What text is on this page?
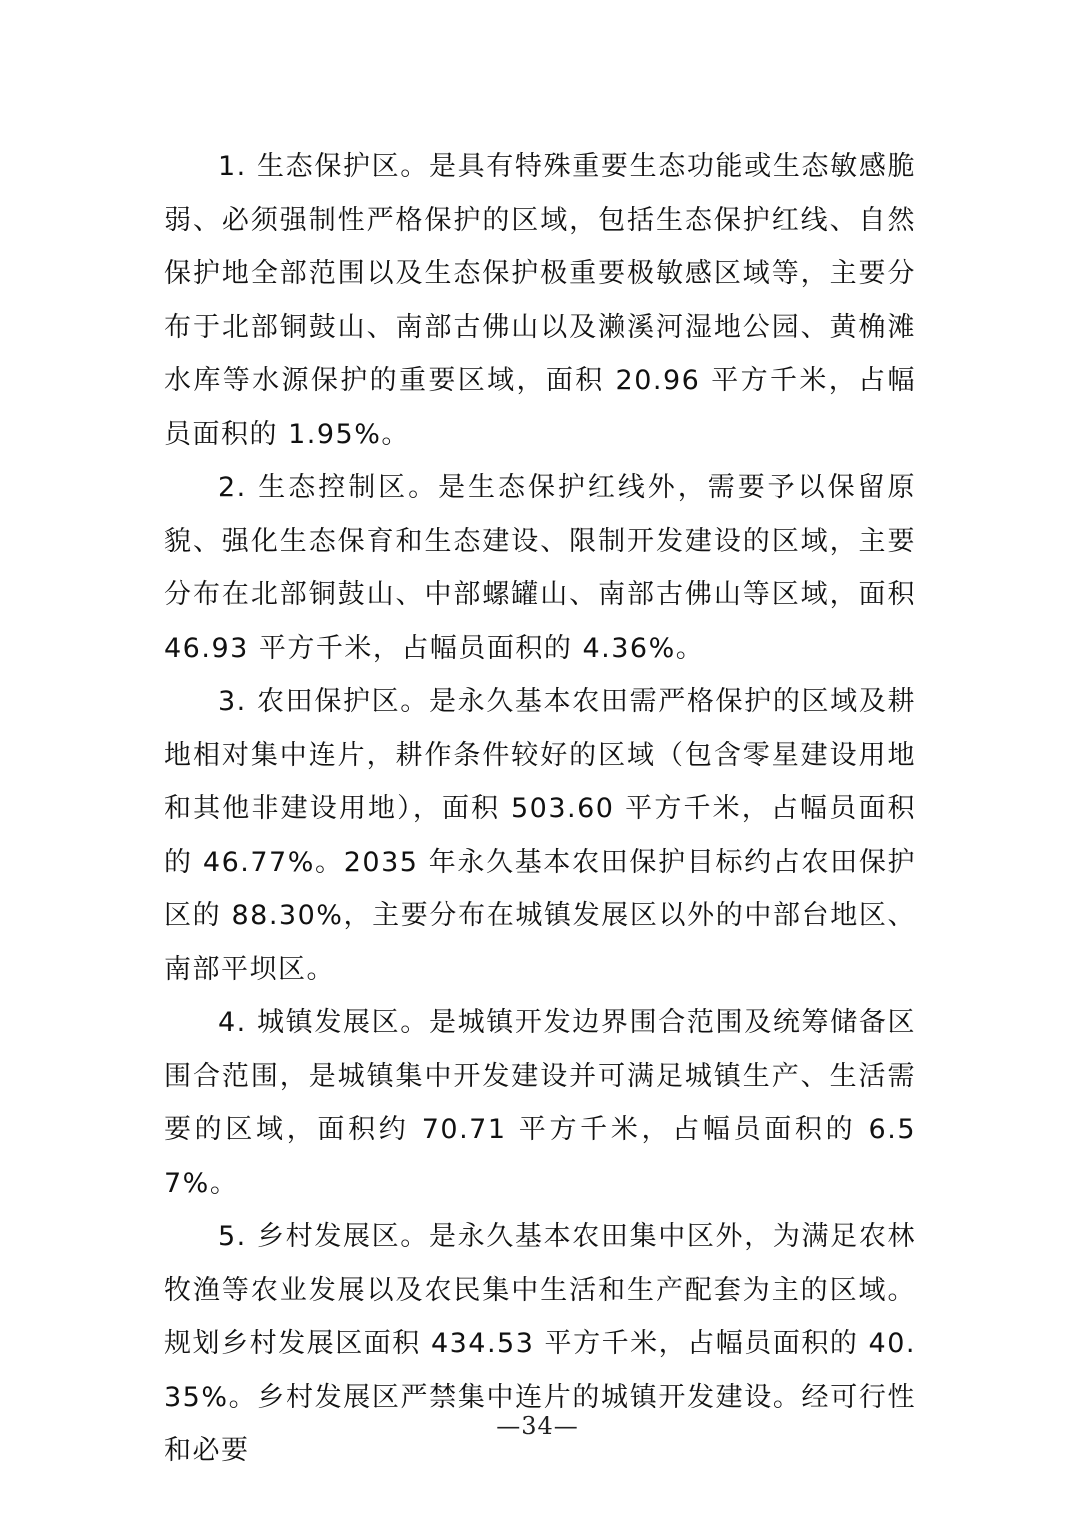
1. 生态保护区。是具有特殊重要生态功能或生态敏感脆弱、必须强制性严格保护的区域，包括生态保护红线、自然保护地全部范围以及生态保护极重要极敏感区域等，主要分布于北部铜鼓山、南部古佛山以及濑溪河湿地公园、黄桷滩水库等水源保护的重要区域，面积 20.96 平方千米，占幅员面积的 1.95%。

2. 生态控制区。是生态保护红线外，需要予以保留原貌、强化生态保育和生态建设、限制开发建设的区域，主要分布在北部铜鼓山、中部螺罐山、南部古佛山等区域，面积 46.93 平方千米，占幅员面积的 4.36%。

3. 农田保护区。是永久基本农田需严格保护的区域及耕地相对集中连片，耕作条件较好的区域（包含零星建设用地和其他非建设用地），面积 503.60 平方千米，占幅员面积的 46.77%。2035 年永久基本农田保护目标约占农田保护区的 88.30%，主要分布在城镇发展区以外的中部台地区、南部平坝区。

4. 城镇发展区。是城镇开发边界围合范围及统筹储备区围合范围，是城镇集中开发建设并可满足城镇生产、生活需要的区域，面积约 70.71 平方千米，占幅员面积的 6.57%。

5. 乡村发展区。是永久基本农田集中区外，为满足农林牧渔等农业发展以及农民集中生活和生产配套为主的区域。规划乡村发展区面积 434.53 平方千米，占幅员面积的 40.35%。乡村发展区严禁集中连片的城镇开发建设。经可行性和必要

—34—
